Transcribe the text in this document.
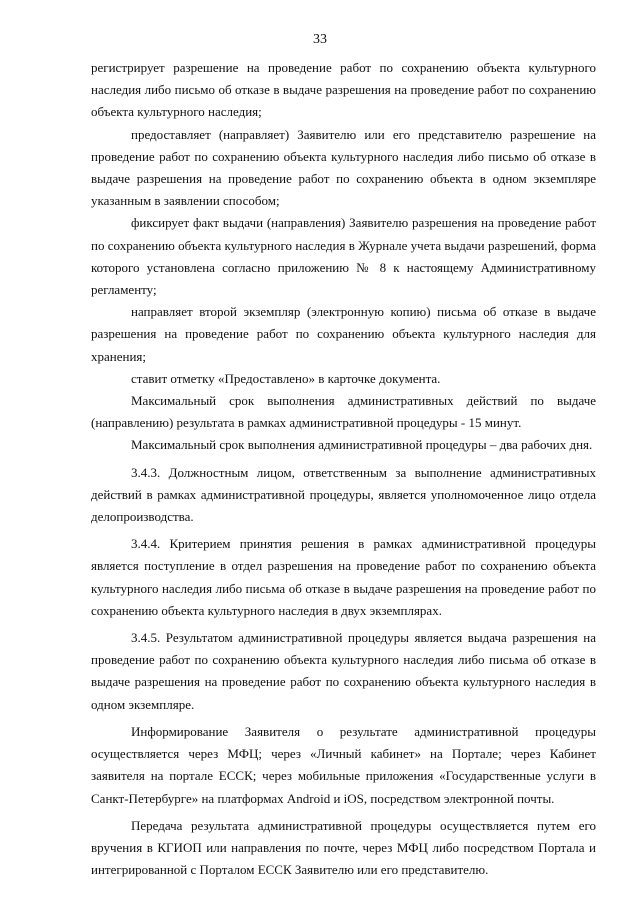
33

регистрирует разрешение на проведение работ по сохранению объекта культурного наследия либо письмо об отказе в выдаче разрешения на проведение работ по сохранению объекта культурного наследия;

предоставляет (направляет) Заявителю или его представителю разрешение на проведение работ по сохранению объекта культурного наследия либо письмо об отказе в выдаче разрешения на проведение работ по сохранению объекта в одном экземпляре указанным в заявлении способом;

фиксирует факт выдачи (направления) Заявителю разрешения на проведение работ по сохранению объекта культурного наследия в Журнале учета выдачи разрешений, форма которого установлена согласно приложению № 8 к настоящему Административному регламенту;

направляет второй экземпляр (электронную копию) письма об отказе в выдаче разрешения на проведение работ по сохранению объекта культурного наследия для хранения;

ставит отметку «Предоставлено» в карточке документа.

Максимальный срок выполнения административных действий по выдаче (направлению) результата в рамках административной процедуры - 15 минут.

Максимальный срок выполнения административной процедуры – два рабочих дня.

3.4.3. Должностным лицом, ответственным за выполнение административных действий в рамках административной процедуры, является уполномоченное лицо отдела делопроизводства.

3.4.4. Критерием принятия решения в рамках административной процедуры является поступление в отдел разрешения на проведение работ по сохранению объекта культурного наследия либо письма об отказе в выдаче разрешения на проведение работ по сохранению объекта культурного наследия в двух экземплярах.

3.4.5. Результатом административной процедуры является выдача разрешения на проведение работ по сохранению объекта культурного наследия либо письма об отказе в выдаче разрешения на проведение работ по сохранению объекта культурного наследия в одном экземпляре.

Информирование Заявителя о результате административной процедуры осуществляется через МФЦ; через «Личный кабинет» на Портале; через Кабинет заявителя на портале ЕССК; через мобильные приложения «Государственные услуги в Санкт-Петербурге» на платформах Android и iOS, посредством электронной почты.

Передача результата административной процедуры осуществляется путем его вручения в КГИОП или направления по почте, через МФЦ либо посредством Портала и интегрированной с Порталом ЕССК Заявителю или его представителю.
